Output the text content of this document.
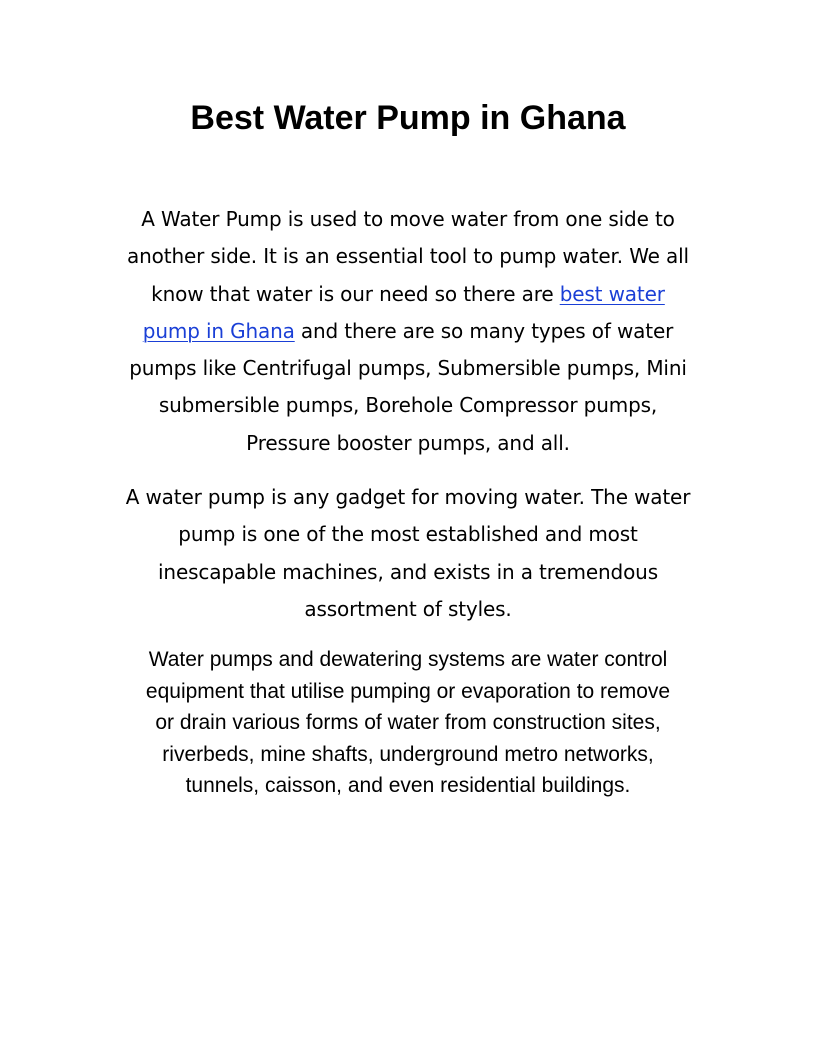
Best Water Pump in Ghana

A Water Pump is used to move water from one side to
another side. It is an essential tool to pump water. We all
know that water is our need so there are best water
pump in Ghana and there are so many types of water
pumps like Centrifugal pumps, Submersible pumps, Mini
submersible pumps, Borehole Compressor pumps,
Pressure booster pumps, and all.

A water pump is any gadget for moving water. The water
pump is one of the most established and most
inescapable machines, and exists in a tremendous
assortment of styles.

Water pumps and dewatering systems are water control
equipment that utilise pumping or evaporation to remove
or drain various forms of water from construction sites,
riverbeds, mine shafts, underground metro networks,
tunnels, caisson, and even residential buildings.
